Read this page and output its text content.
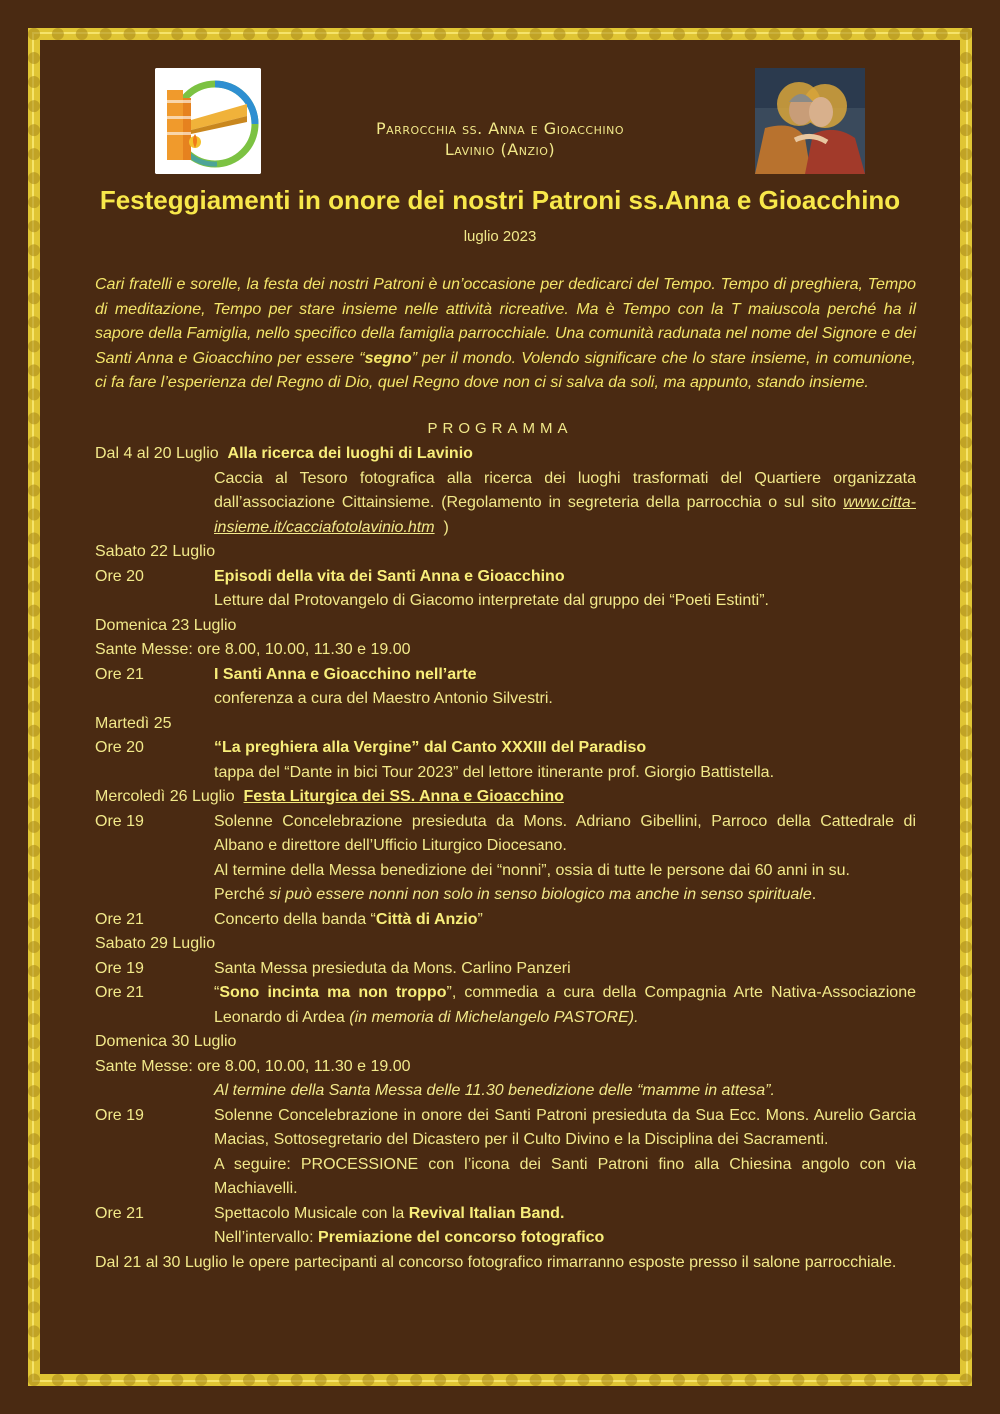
Parrocchia ss. Anna e Gioacchino
Lavinio (Anzio)
Festeggiamenti in onore dei nostri Patroni ss.Anna e Gioacchino
luglio 2023
Cari fratelli e sorelle, la festa dei nostri Patroni è un’occasione per dedicarci del Tempo. Tempo di preghiera, Tempo di meditazione, Tempo per stare insieme nelle attività ricreative. Ma è Tempo con la T maiuscola perché ha il sapore della Famiglia, nello specifico della famiglia parrocchiale. Una comunità radunata nel nome del Signore e dei Santi Anna e Gioacchino per essere “segno” per il mondo. Volendo significare che lo stare insieme, in comunione, ci fa fare l’esperienza del Regno di Dio, quel Regno dove non ci si salva da soli, ma appunto, stando insieme.
PROGRAMMA
Dal 4 al 20 Luglio Alla ricerca dei luoghi di Lavinio
Caccia al Tesoro fotografica alla ricerca dei luoghi trasformati del Quartiere organizzata dall’associazione Cittainsieme. (Regolamento in segreteria della parrocchia o sul sito www.citta-insieme.it/cacciafotolavinio.htm )
Sabato 22 Luglio
Ore 20	Episodi della vita dei Santi Anna e Gioacchino
Letture dal Protovangelo di Giacomo interpretate dal gruppo dei “Poeti Estinti”.
Domenica 23 Luglio
Sante Messe: ore 8.00, 10.00, 11.30 e 19.00
Ore 21	I Santi Anna e Gioacchino nell’arte
conferenza a cura del Maestro Antonio Silvestri.
Martedì 25
Ore 20	“La preghiera alla Vergine” dal Canto XXXIII del Paradiso
tappa del “Dante in bici Tour 2023” del lettore itinerante prof. Giorgio Battistella.
Mercoledì 26 Luglio Festa Liturgica dei SS. Anna e Gioacchino
Ore 19	Solenne Concelebrazione presieduta da Mons. Adriano Gibellini, Parroco della Cattedrale di Albano e direttore dell’Ufficio Liturgico Diocesano.
Al termine della Messa benedizione dei “nonni”, ossia di tutte le persone dai 60 anni in su.
Perché si può essere nonni non solo in senso biologico ma anche in senso spirituale.
Ore 21	Concerto della banda “Città di Anzio”
Sabato 29 Luglio
Ore 19	Santa Messa presieduta da Mons. Carlino Panzeri
Ore 21	“Sono incinta ma non troppo”, commedia a cura della Compagnia Arte Nativa-Associazione Leonardo di Ardea (in memoria di Michelangelo PASTORE).
Domenica 30 Luglio
Sante Messe: ore 8.00, 10.00, 11.30 e 19.00
Al termine della Santa Messa delle 11.30 benedizione delle “mamme in attesa”.
Ore 19	Solenne Concelebrazione in onore dei Santi Patroni presieduta da Sua Ecc. Mons. Aurelio Garcia Macias, Sottosegretario del Dicastero per il Culto Divino e la Disciplina dei Sacramenti.
A seguire: PROCESSIONE con l’icona dei Santi Patroni fino alla Chiesina angolo con via Machiavelli.
Ore 21	Spettacolo Musicale con la Revival Italian Band.
Nell’intervallo: Premiazione del concorso fotografico
Dal 21 al 30 Luglio le opere partecipanti al concorso fotografico rimarranno esposte presso il salone parrocchiale.
